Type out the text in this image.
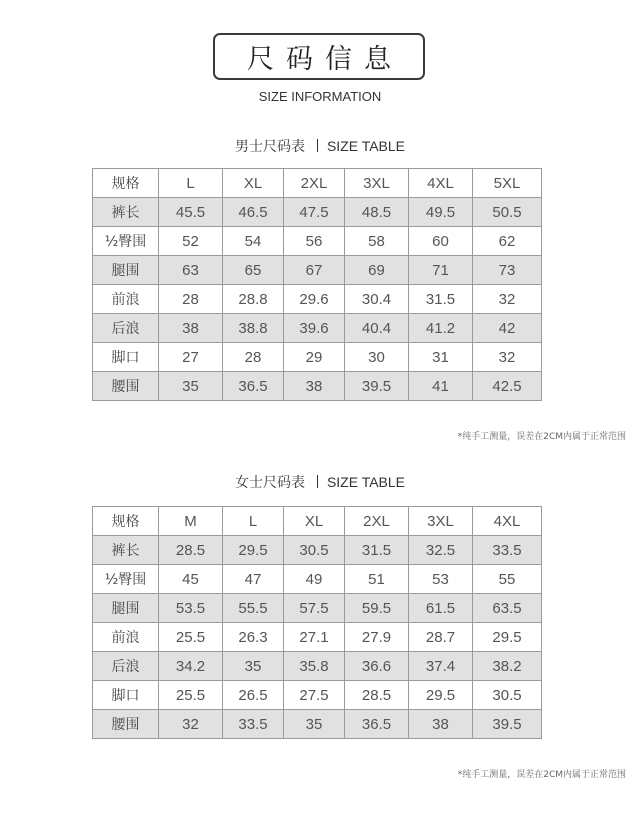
尺码信息
SIZE INFORMATION
男士尺码表 SIZE TABLE
规格	L	XL	2XL	3XL	4XL	5XL
裤长	45.5	46.5	47.5	48.5	49.5	50.5
½臀围	52	54	56	58	60	62
腿围	63	65	67	69	71	73
前浪	28	28.8	29.6	30.4	31.5	32
后浪	38	38.8	39.6	40.4	41.2	42
脚口	27	28	29	30	31	32
腰围	35	36.5	38	39.5	41	42.5
*纯手工测量，误差在2CM内属于正常范围
女士尺码表 SIZE TABLE
规格	M	L	XL	2XL	3XL	4XL
裤长	28.5	29.5	30.5	31.5	32.5	33.5
½臀围	45	47	49	51	53	55
腿围	53.5	55.5	57.5	59.5	61.5	63.5
前浪	25.5	26.3	27.1	27.9	28.7	29.5
后浪	34.2	35	35.8	36.6	37.4	38.2
脚口	25.5	26.5	27.5	28.5	29.5	30.5
腰围	32	33.5	35	36.5	38	39.5
*纯手工测量，误差在2CM内属于正常范围
